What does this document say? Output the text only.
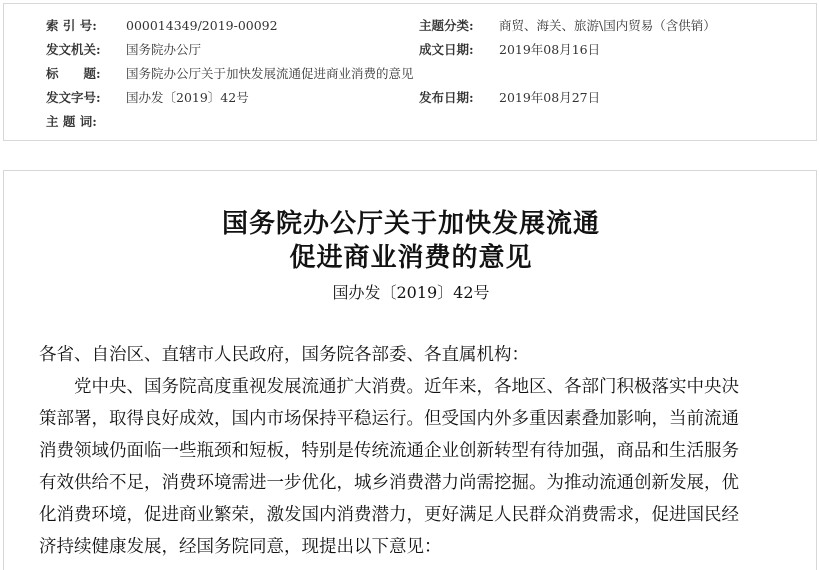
索 引 号: 000014349/2019-00092	主题分类: 商贸、海关、旅游\国内贸易（含供销）
发文机关: 国务院办公厅	成文日期: 2019年08月16日
标　　题: 国务院办公厅关于加快发展流通促进商业消费的意见
发文字号: 国办发〔2019〕42号	发布日期: 2019年08月27日
主 题 词:
国务院办公厅关于加快发展流通
促进商业消费的意见
国办发〔2019〕42号
各省、自治区、直辖市人民政府，国务院各部委、各直属机构：
　　党中央、国务院高度重视发展流通扩大消费。近年来，各地区、各部门积极落实中央决
策部署，取得良好成效，国内市场保持平稳运行。但受国内外多重因素叠加影响，当前流通
消费领域仍面临一些瓶颈和短板，特别是传统流通企业创新转型有待加强，商品和生活服务
有效供给不足，消费环境需进一步优化，城乡消费潜力尚需挖掘。为推动流通创新发展，优
化消费环境，促进商业繁荣，激发国内消费潜力，更好满足人民群众消费需求，促进国民经
济持续健康发展，经国务院同意，现提出以下意见：
